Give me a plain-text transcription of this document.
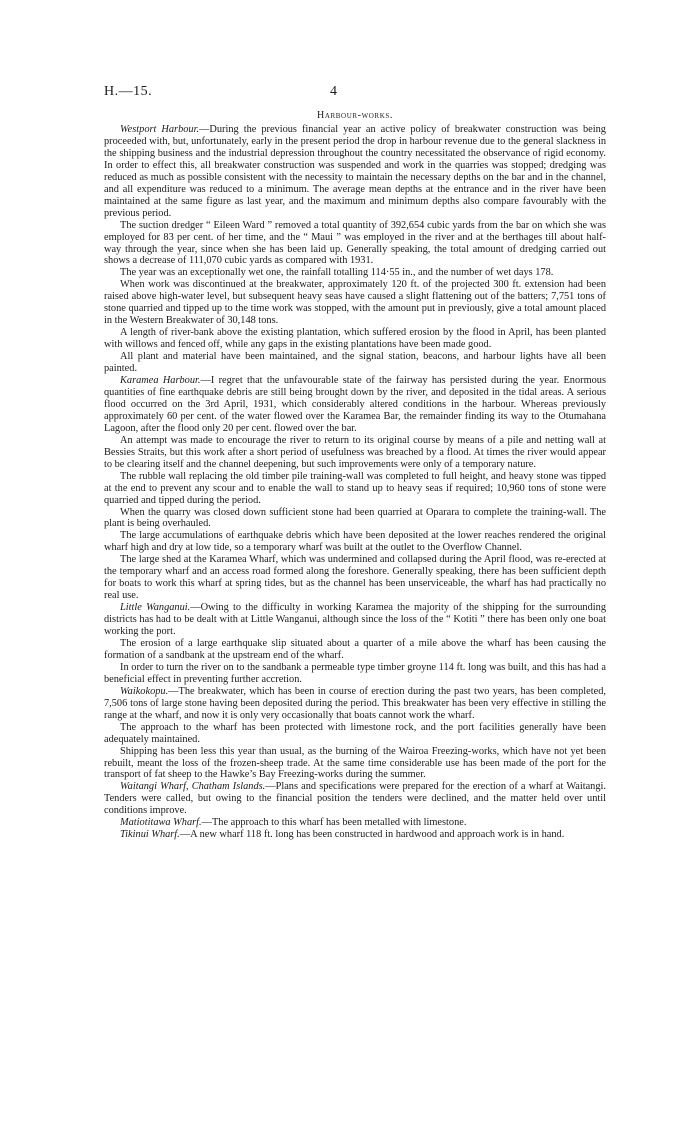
H.—15.	4
Harbour-works.

Westport Harbour.—During the previous financial year an active policy of breakwater construction was being proceeded with, but, unfortunately, early in the present period the drop in harbour revenue due to the general slackness in the shipping business and the industrial depression throughout the country necessitated the observance of rigid economy. In order to effect this, all breakwater construction was suspended and work in the quarries was stopped; dredging was reduced as much as possible consistent with the necessity to maintain the necessary depths on the bar and in the channel, and all expenditure was reduced to a minimum. The average mean depths at the entrance and in the river have been maintained at the same figure as last year, and the maximum and minimum depths also compare favourably with the previous period.

The suction dredger “ Eileen Ward ” removed a total quantity of 392,654 cubic yards from the bar on which she was employed for 83 per cent. of her time, and the “ Maui ” was employed in the river and at the berthages till about half-way through the year, since when she has been laid up. Generally speaking, the total amount of dredging carried out shows a decrease of 111,070 cubic yards as compared with 1931.

The year was an exceptionally wet one, the rainfall totalling 114·55 in., and the number of wet days 178.

When work was discontinued at the breakwater, approximately 120 ft. of the projected 300 ft. extension had been raised above high-water level, but subsequent heavy seas have caused a slight flattening out of the batters; 7,751 tons of stone quarried and tipped up to the time work was stopped, with the amount put in previously, give a total amount placed in the Western Breakwater of 30,148 tons.

A length of river-bank above the existing plantation, which suffered erosion by the flood in April, has been planted with willows and fenced off, while any gaps in the existing plantations have been made good.

All plant and material have been maintained, and the signal station, beacons, and harbour lights have all been painted.

Karamea Harbour.—I regret that the unfavourable state of the fairway has persisted during the year. Enormous quantities of fine earthquake debris are still being brought down by the river, and deposited in the tidal areas. A serious flood occurred on the 3rd April, 1931, which considerably altered conditions in the harbour. Whereas previously approximately 60 per cent. of the water flowed over the Karamea Bar, the remainder finding its way to the Otumahana Lagoon, after the flood only 20 per cent. flowed over the bar.

An attempt was made to encourage the river to return to its original course by means of a pile and netting wall at Bessies Straits, but this work after a short period of usefulness was breached by a flood. At times the river would appear to be clearing itself and the channel deepening, but such improvements were only of a temporary nature.

The rubble wall replacing the old timber pile training-wall was completed to full height, and heavy stone was tipped at the end to prevent any scour and to enable the wall to stand up to heavy seas if required; 10,960 tons of stone were quarried and tipped during the period.

When the quarry was closed down sufficient stone had been quarried at Oparara to complete the training-wall. The plant is being overhauled.

The large accumulations of earthquake debris which have been deposited at the lower reaches rendered the original wharf high and dry at low tide, so a temporary wharf was built at the outlet to the Overflow Channel.

The large shed at the Karamea Wharf, which was undermined and collapsed during the April flood, was re-erected at the temporary wharf and an access road formed along the foreshore. Generally speaking, there has been sufficient depth for boats to work this wharf at spring tides, but as the channel has been unserviceable, the wharf has had practically no real use.

Little Wanganui.—Owing to the difficulty in working Karamea the majority of the shipping for the surrounding districts has had to be dealt with at Little Wanganui, although since the loss of the “ Kotiti ” there has been only one boat working the port.

The erosion of a large earthquake slip situated about a quarter of a mile above the wharf has been causing the formation of a sandbank at the upstream end of the wharf.

In order to turn the river on to the sandbank a permeable type timber groyne 114 ft. long was built, and this has had a beneficial effect in preventing further accretion.

Waikokopu.—The breakwater, which has been in course of erection during the past two years, has been completed, 7,506 tons of large stone having been deposited during the period. This breakwater has been very effective in stilling the range at the wharf, and now it is only very occasionally that boats cannot work the wharf.

The approach to the wharf has been protected with limestone rock, and the port facilities generally have been adequately maintained.

Shipping has been less this year than usual, as the burning of the Wairoa Freezing-works, which have not yet been rebuilt, meant the loss of the frozen-sheep trade. At the same time considerable use has been made of the port for the transport of fat sheep to the Hawke’s Bay Freezing-works during the summer.

Waitangi Wharf, Chatham Islands.—Plans and specifications were prepared for the erection of a wharf at Waitangi. Tenders were called, but owing to the financial position the tenders were declined, and the matter held over until conditions improve.

Matiotitawa Wharf.—The approach to this wharf has been metalled with limestone.

Tikinui Wharf.—A new wharf 118 ft. long has been constructed in hardwood and approach work is in hand.
